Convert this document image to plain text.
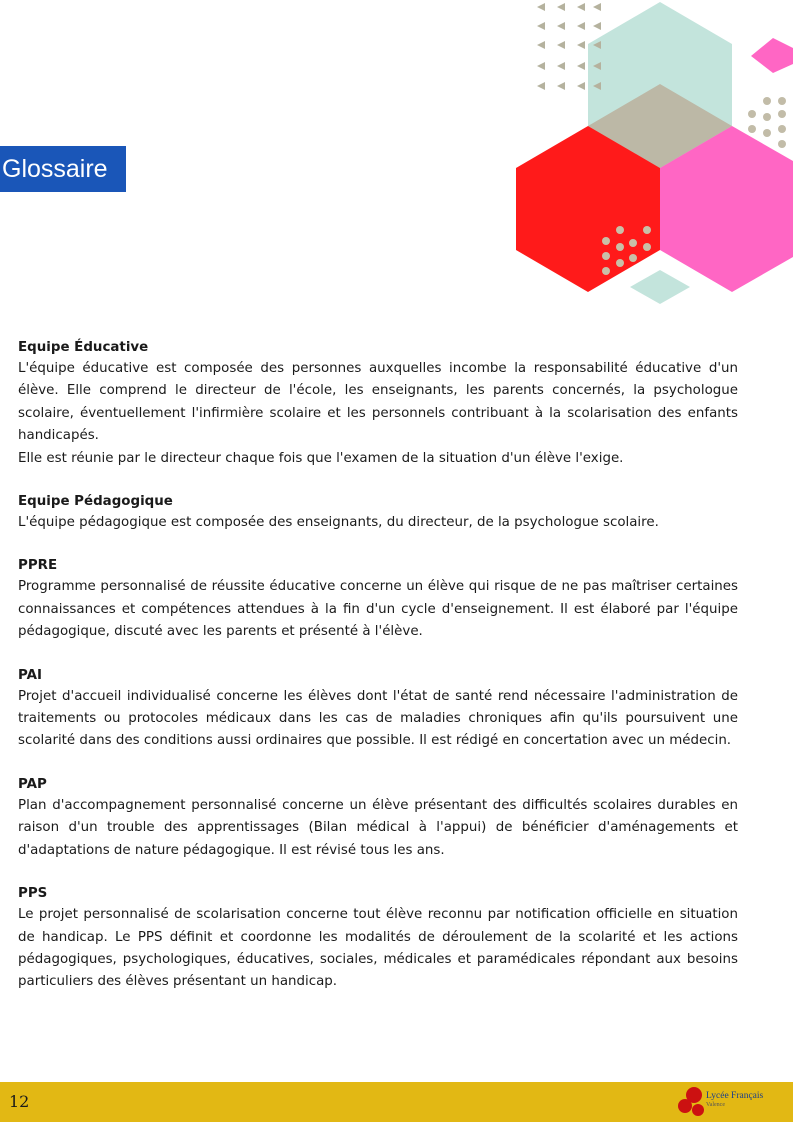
Glossaire
Equipe Éducative

L'équipe éducative est composée des personnes auxquelles incombe la responsabilité éducative d'un élève. Elle comprend le directeur de l'école, les enseignants, les parents concernés, la psychologue scolaire, éventuellement l'infirmière scolaire et les personnels contribuant à la scolarisation des enfants handicapés.

Elle est réunie par le directeur chaque fois que l'examen de la situation d'un élève l'exige.

Equipe Pédagogique

L'équipe pédagogique est composée des enseignants, du directeur, de la psychologue scolaire.

PPRE

Programme personnalisé de réussite éducative concerne un élève qui risque de ne pas maîtriser certaines connaissances et compétences attendues à la fin d'un cycle d'enseignement. Il est élaboré par l'équipe pédagogique, discuté avec les parents et présenté à l'élève.

PAI

Projet d'accueil individualisé concerne les élèves dont l'état de santé rend nécessaire l'administration de traitements ou protocoles médicaux dans les cas de maladies chroniques afin qu'ils poursuivent une scolarité dans des conditions aussi ordinaires que possible. Il est rédigé en concertation avec un médecin.

PAP

Plan d'accompagnement personnalisé concerne un élève présentant des difficultés scolaires durables en raison d'un trouble des apprentissages (Bilan médical à l'appui) de bénéficier d'aménagements et d'adaptations de nature pédagogique. Il est révisé tous les ans.

PPS

Le projet personnalisé de scolarisation concerne tout élève reconnu par notification officielle en situation de handicap. Le PPS définit et coordonne les modalités de déroulement de la scolarité et les actions pédagogiques, psychologiques, éducatives, sociales, médicales et paramédicales répondant aux besoins particuliers des élèves présentant un handicap.

12	Lycée Français
Valence
